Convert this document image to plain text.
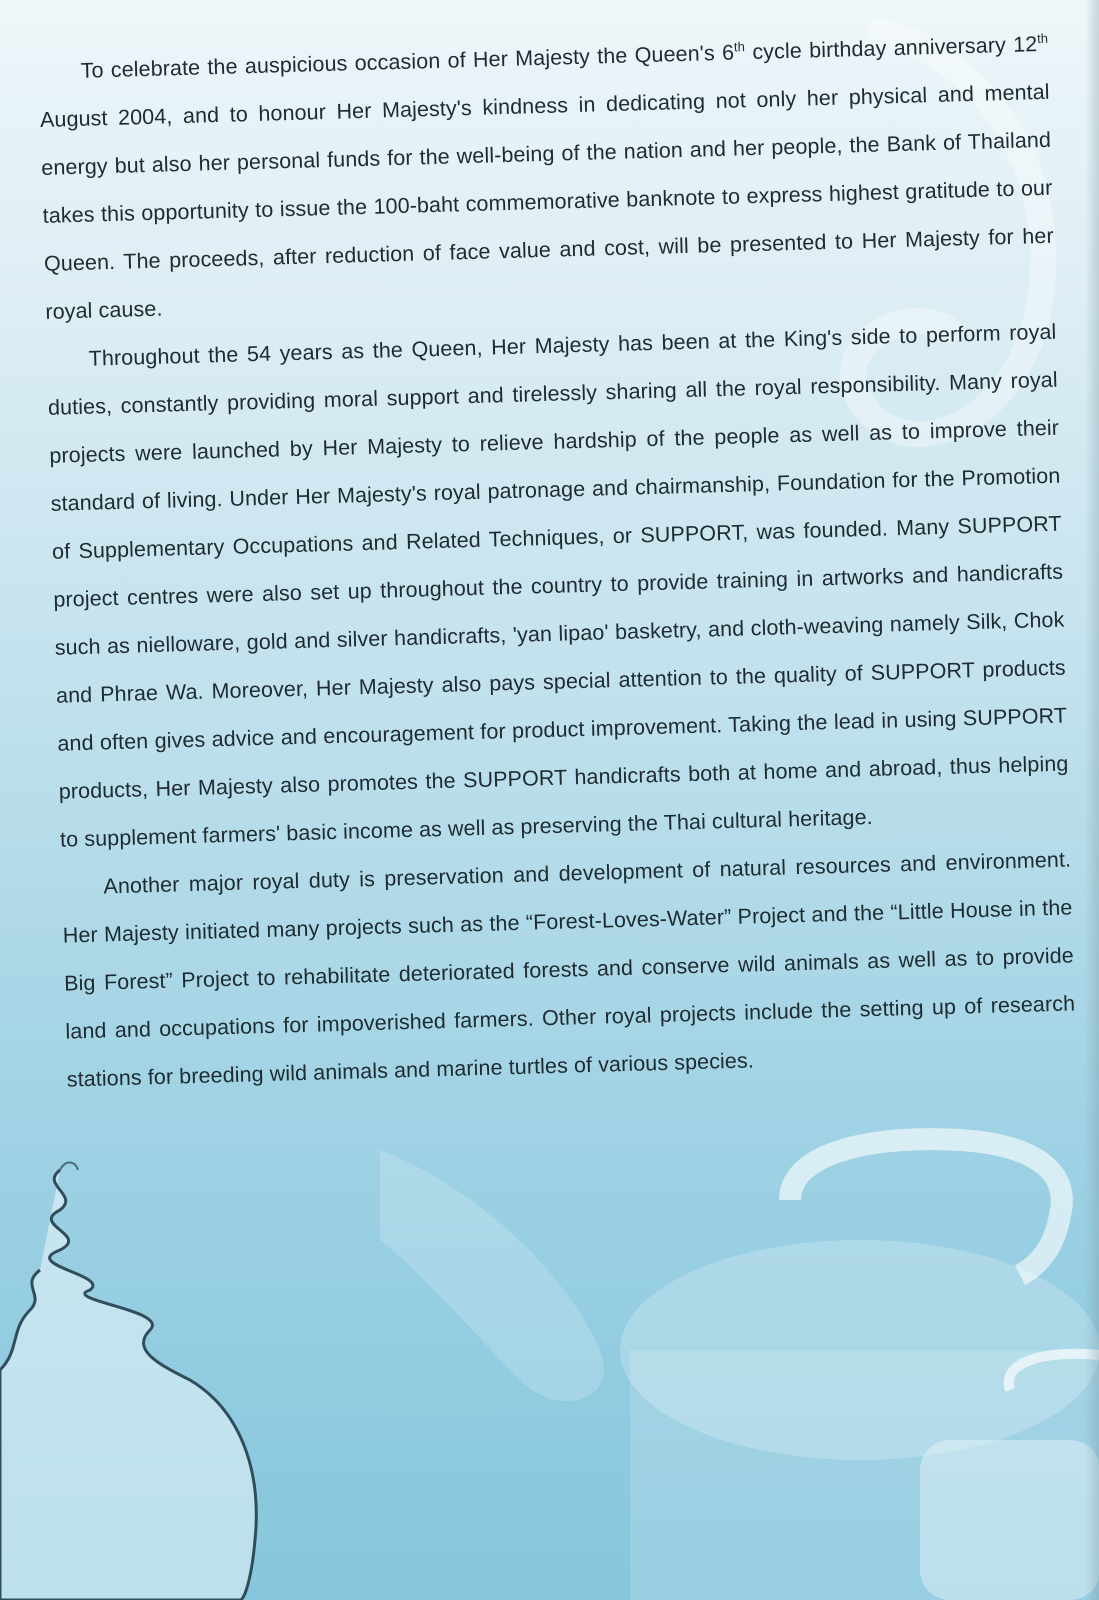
To celebrate the auspicious occasion of Her Majesty the Queen's 6th cycle birthday anniversary 12th August 2004, and to honour Her Majesty's kindness in dedicating not only her physical and mental energy but also her personal funds for the well-being of the nation and her people, the Bank of Thailand takes this opportunity to issue the 100-baht commemorative banknote to express highest gratitude to our Queen. The proceeds, after reduction of face value and cost, will be presented to Her Majesty for her royal cause.

Throughout the 54 years as the Queen, Her Majesty has been at the King's side to perform royal duties, constantly providing moral support and tirelessly sharing all the royal responsibility. Many royal projects were launched by Her Majesty to relieve hardship of the people as well as to improve their standard of living. Under Her Majesty's royal patronage and chairmanship, Foundation for the Promotion of Supplementary Occupations and Related Techniques, or SUPPORT, was founded. Many SUPPORT project centres were also set up throughout the country to provide training in artworks and handicrafts such as nielloware, gold and silver handicrafts, 'yan lipao' basketry, and cloth-weaving namely Silk, Chok and Phrae Wa. Moreover, Her Majesty also pays special attention to the quality of SUPPORT products and often gives advice and encouragement for product improvement. Taking the lead in using SUPPORT products, Her Majesty also promotes the SUPPORT handicrafts both at home and abroad, thus helping to supplement farmers' basic income as well as preserving the Thai cultural heritage.

Another major royal duty is preservation and development of natural resources and environment. Her Majesty initiated many projects such as the “Forest-Loves-Water” Project and the “Little House in the Big Forest” Project to rehabilitate deteriorated forests and conserve wild animals as well as to provide land and occupations for impoverished farmers. Other royal projects include the setting up of research stations for breeding wild animals and marine turtles of various species.
